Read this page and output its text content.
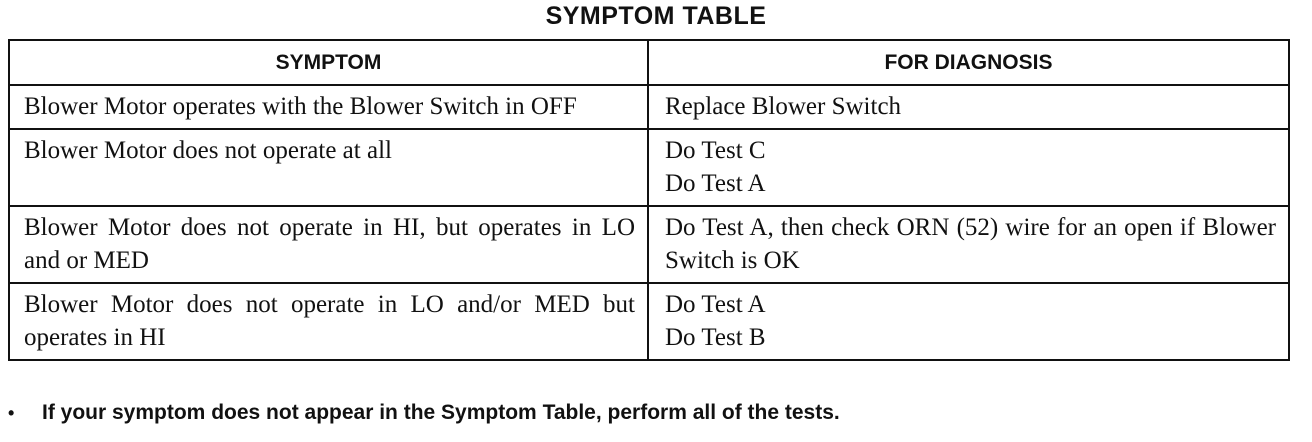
SYMPTOM TABLE
SYMPTOM	FOR DIAGNOSIS
Blower Motor operates with the Blower Switch in OFF	Replace Blower Switch

Blower Motor does not operate at all	Do Test C
Do Test A

Blower Motor does not operate in HI, but operates in LO and or MED	Do Test A, then check ORN (52) wire for an open if Blower Switch is OK
Blower Motor does not operate in LO and/or MED but operates in HI	Do Test A
Do Test B
• If your symptom does not appear in the Symptom Table, perform all of the tests.
